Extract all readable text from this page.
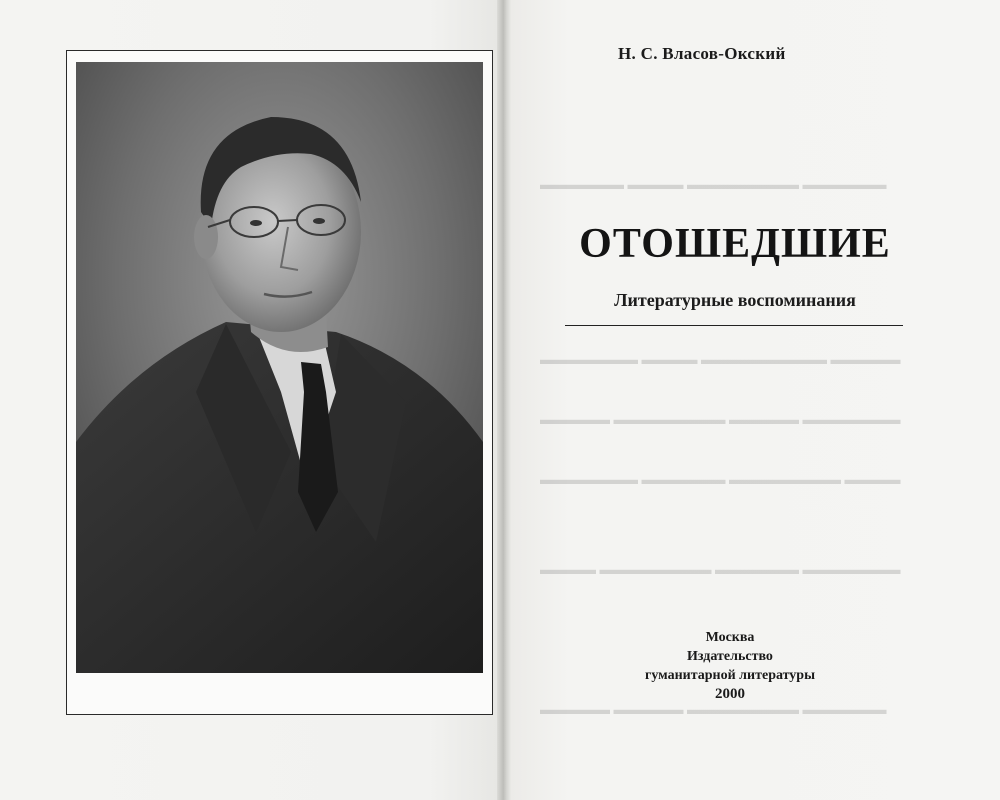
▬▬▬▬▬▬ ▬▬▬▬▬▬▬▬ ▬▬▬▬ ▬▬▬▬▬▬
▬▬▬▬▬ ▬▬▬▬▬▬▬▬▬ ▬▬▬▬ ▬▬▬▬▬▬▬
▬▬▬▬▬▬▬ ▬▬▬▬▬ ▬▬▬▬▬▬▬▬ ▬▬▬▬▬
▬▬▬▬ ▬▬▬▬▬▬▬▬ ▬▬▬▬▬▬ ▬▬▬▬▬▬▬
▬▬▬▬▬▬▬ ▬▬▬▬▬▬ ▬▬▬▬▬▬▬▬ ▬▬▬▬
▬▬▬▬▬▬ ▬▬▬▬▬▬▬▬ ▬▬▬▬▬ ▬▬▬▬▬
Н. С. Власов-Окский
ОТОШЕДШИЕ
Литературные воспоминания
Москва
Издательство
гуманитарной литературы
2000
